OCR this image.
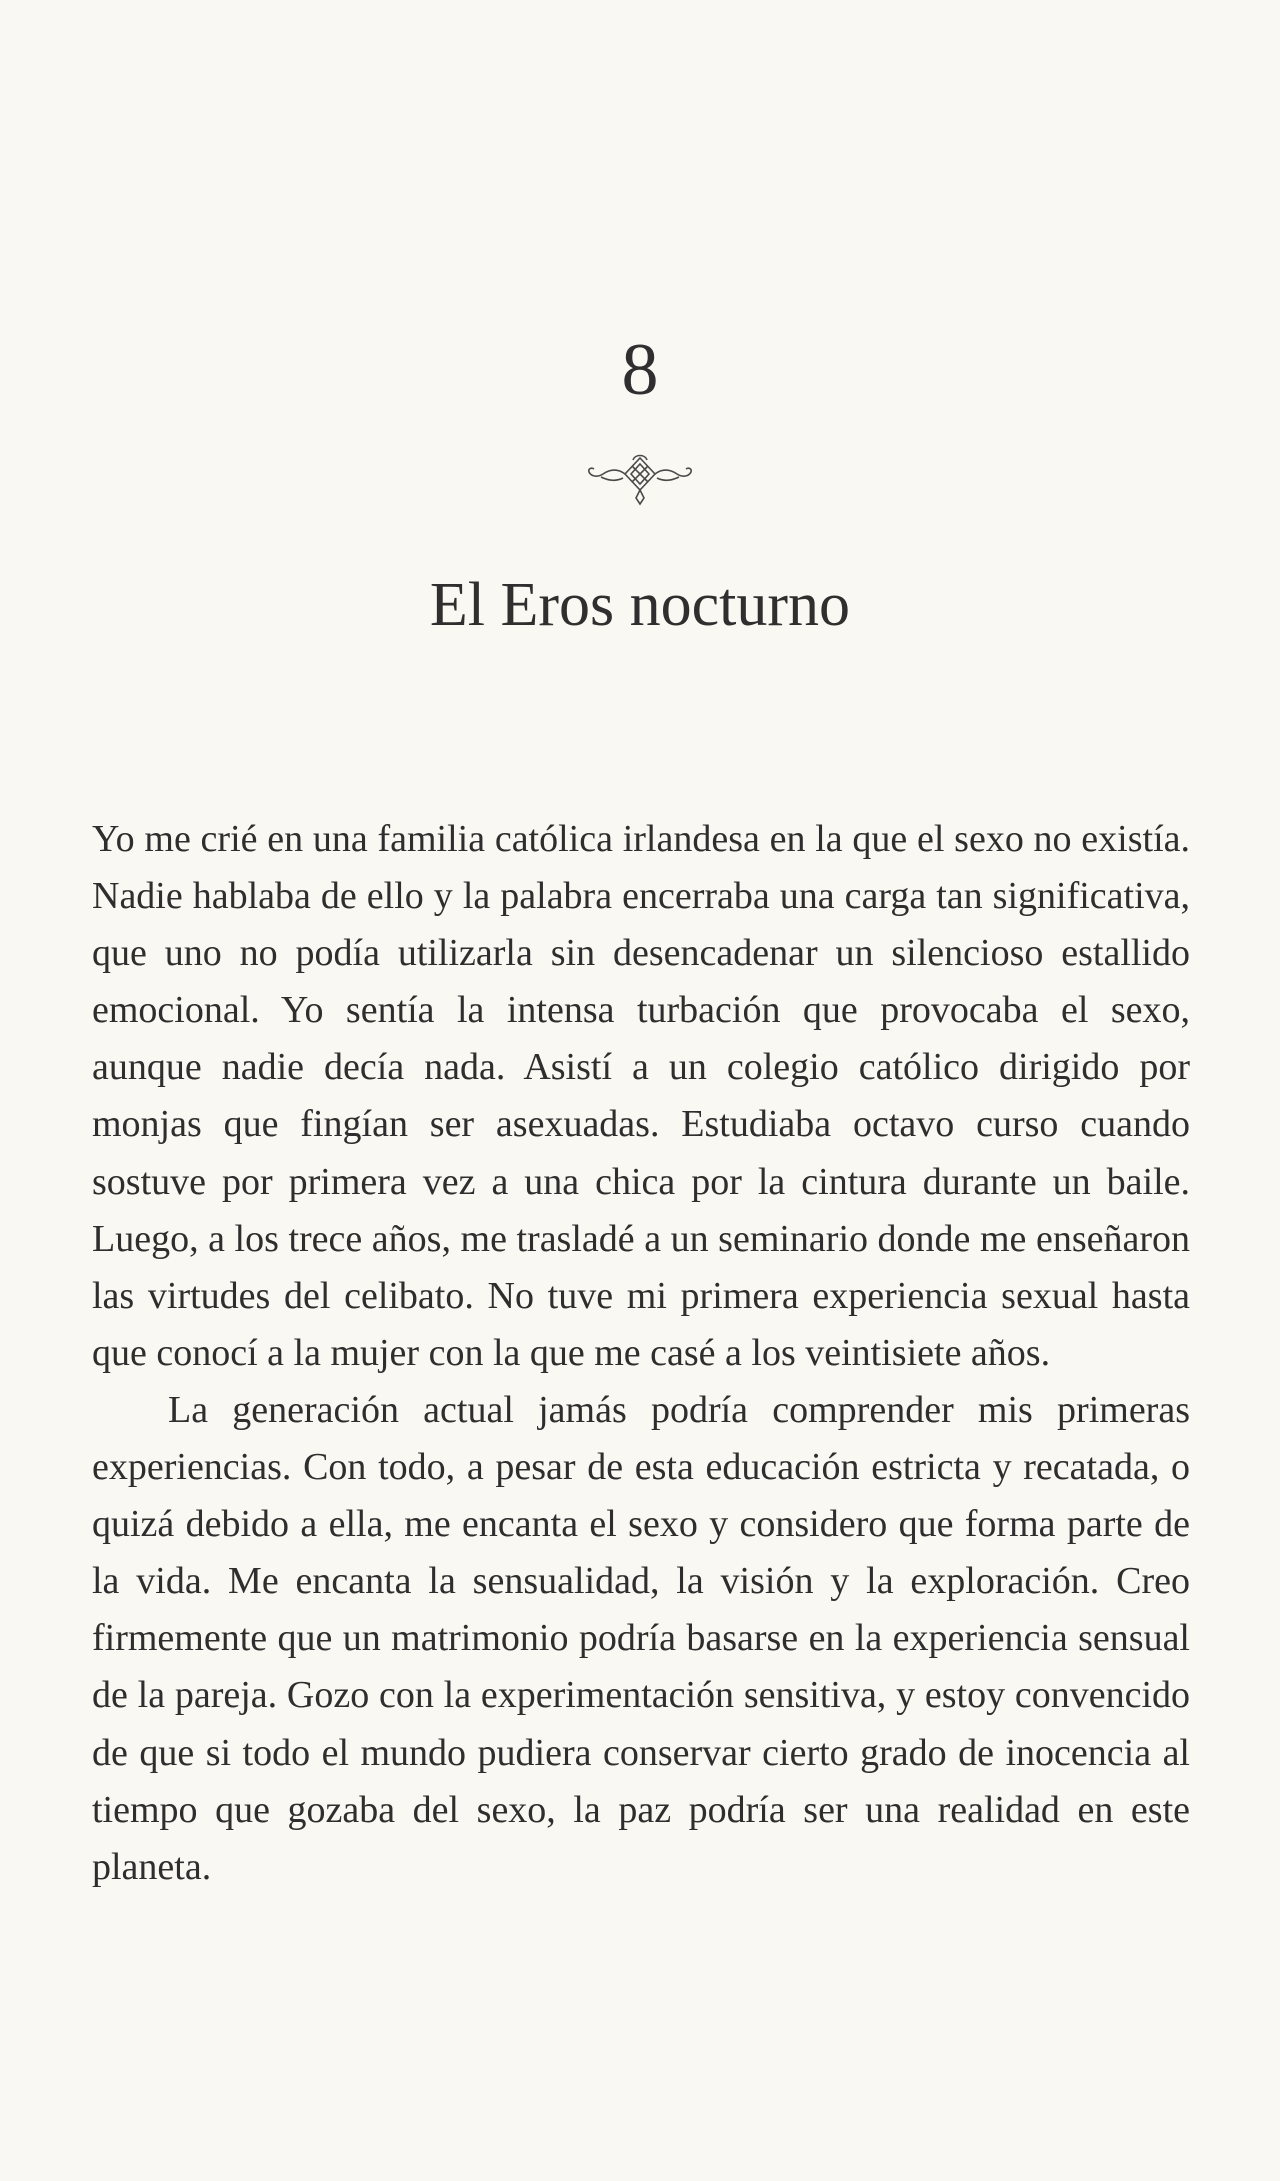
8
El Eros nocturno

Yo me crié en una familia católica irlandesa en la que el sexo no existía. Nadie hablaba de ello y la palabra encerraba una carga tan significativa, que uno no podía utilizarla sin desencadenar un silencioso estallido emocional. Yo sentía la intensa turbación que provocaba el sexo, aunque nadie decía nada. Asistí a un colegio católico dirigido por monjas que fingían ser asexuadas. Estudiaba octavo curso cuando sostuve por primera vez a una chica por la cintura durante un baile. Luego, a los trece años, me trasladé a un seminario donde me enseñaron las virtudes del celibato. No tuve mi primera experiencia sexual hasta que conocí a la mujer con la que me casé a los veintisiete años.

La generación actual jamás podría comprender mis primeras experiencias. Con todo, a pesar de esta educación estricta y recatada, o quizá debido a ella, me encanta el sexo y considero que forma parte de la vida. Me encanta la sensualidad, la visión y la exploración. Creo firmemente que un matrimonio podría basarse en la experiencia sensual de la pareja. Gozo con la experimentación sensitiva, y estoy convencido de que si todo el mundo pudiera conservar cierto grado de inocencia al tiempo que gozaba del sexo, la paz podría ser una realidad en este planeta.
